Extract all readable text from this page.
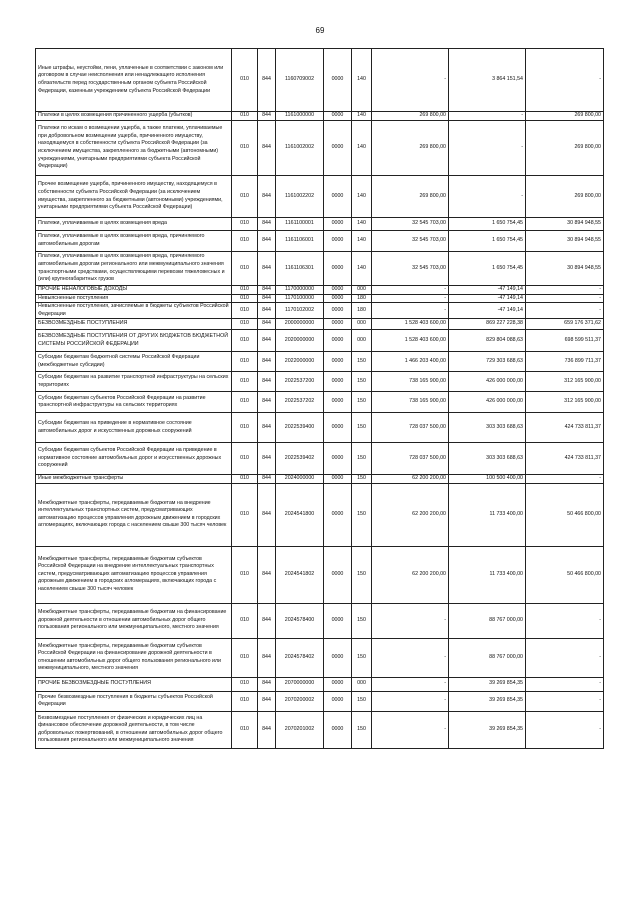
69
Иные штрафы, неустойки, пени, уплаченные в соответствии с законом или договором в случае неисполнения или ненадлежащего исполнения обязательств перед государственным органом субъекта Российской Федерации, казенным учреждением субъекта Российской Федерации	010	844	1160709002	0000	140	-	3 864 151,54	-
Платежи в целях возмещения причиненного ущерба (убытков)	010	844	1161000000	0000	140	269 800,00	-	269 800,00
Платежи по искам о возмещении ущерба, а также платежи, уплачиваемые при добровольном возмещении ущерба, причиненного имуществу, находящемуся в собственности субъекта Российской Федерации (за исключением имущества, закрепленного за бюджетными (автономными) учреждениями, унитарными предприятиями субъекта Российской Федерации)	010	844	1161002002	0000	140	269 800,00	-	269 800,00
Прочее возмещение ущерба, причиненного имуществу, находящемуся в собственности субъекта Российской Федерации (за исключением имущества, закрепленного за бюджетными (автономными) учреждениями, унитарными предприятиями субъекта Российской Федерации)	010	844	1161002202	0000	140	269 800,00	-	269 800,00
Платежи, уплачиваемые в целях возмещения вреда	010	844	1161100001	0000	140	32 545 703,00	1 650 754,45	30 894 948,55
Платежи, уплачиваемые в целях возмещения вреда, причиняемого автомобильным дорогам	010	844	1161106001	0000	140	32 545 703,00	1 650 754,45	30 894 948,55
Платежи, уплачиваемые в целях возмещения вреда, причиняемого автомобильным дорогам регионального или межмуниципального значения транспортными средствами, осуществляющими перевозки тяжеловесных и (или) крупногабаритных грузов	010	844	1161106301	0000	140	32 545 703,00	1 650 754,45	30 894 948,55
ПРОЧИЕ НЕНАЛОГОВЫЕ ДОХОДЫ	010	844	1170000000	0000	000	-	-47 149,14	-
Невыясненные поступления	010	844	1170100000	0000	180	-	-47 149,14	-
Невыясненные поступления, зачисляемые в бюджеты субъектов Российской Федерации	010	844	1170102002	0000	180	-	-47 149,14	-
БЕЗВОЗМЕЗДНЫЕ ПОСТУПЛЕНИЯ	010	844	2000000000	0000	000	1 528 403 600,00	869 227 228,38	659 176 371,62
БЕЗВОЗМЕЗДНЫЕ ПОСТУПЛЕНИЯ ОТ ДРУГИХ БЮДЖЕТОВ БЮДЖЕТНОЙ СИСТЕМЫ РОССИЙСКОЙ ФЕДЕРАЦИИ	010	844	2020000000	0000	000	1 528 403 600,00	829 804 088,63	698 599 511,37
Субсидии бюджетам бюджетной системы Российской Федерации (межбюджетные субсидии)	010	844	2022000000	0000	150	1 466 203 400,00	729 303 688,63	736 899 711,37
Субсидии бюджетам на развитие транспортной инфраструктуры на сельских территориях	010	844	2022537200	0000	150	738 165 900,00	426 000 000,00	312 165 900,00
Субсидии бюджетам субъектов Российской Федерации на развитие транспортной инфраструктуры на сельских территориях	010	844	2022537202	0000	150	738 165 900,00	426 000 000,00	312 165 900,00
Субсидии бюджетам на приведение в нормативное состояние автомобильных дорог и искусственных дорожных сооружений	010	844	2022539400	0000	150	728 037 500,00	303 303 688,63	424 733 811,37
Субсидии бюджетам субъектов Российской Федерации на приведение в нормативное состояние автомобильных дорог и искусственных дорожных сооружений	010	844	2022539402	0000	150	728 037 500,00	303 303 688,63	424 733 811,37
Иные межбюджетные трансферты	010	844	2024000000	0000	150	62 200 200,00	100 500 400,00	-
Межбюджетные трансферты, передаваемые бюджетам на внедрение интеллектуальных транспортных систем, предусматривающих автоматизацию процессов управления дорожным движением в городских агломерациях, включающих города с населением свыше 300 тысяч человек	010	844	2024541800	0000	150	62 200 200,00	11 733 400,00	50 466 800,00
Межбюджетные трансферты, передаваемые бюджетам субъектов Российской Федерации на внедрение интеллектуальных транспортных систем, предусматривающих автоматизацию процессов управления дорожным движением в городских агломерациях, включающих города с населением свыше 300 тысяч человек	010	844	2024541802	0000	150	62 200 200,00	11 733 400,00	50 466 800,00
Межбюджетные трансферты, передаваемые бюджетам на финансирование дорожной деятельности в отношении автомобильных дорог общего пользования регионального или межмуниципального, местного значения	010	844	2024578400	0000	150	-	88 767 000,00	-
Межбюджетные трансферты, передаваемые бюджетам субъектов Российской Федерации на финансирование дорожной деятельности в отношении автомобильных дорог общего пользования регионального или межмуниципального, местного значения	010	844	2024578402	0000	150	-	88 767 000,00	-
ПРОЧИЕ БЕЗВОЗМЕЗДНЫЕ ПОСТУПЛЕНИЯ	010	844	2070000000	0000	000	-	39 269 854,35	-
Прочие безвозмездные поступления в бюджеты субъектов Российской Федерации	010	844	2070200002	0000	150	-	39 269 854,35	-
Безвозмездные поступления от физических и юридических лиц на финансовое обеспечение дорожной деятельности, в том числе добровольных пожертвований, в отношении автомобильных дорог общего пользования регионального или межмуниципального значения	010	844	2070201002	0000	150	-	39 269 854,35	-
